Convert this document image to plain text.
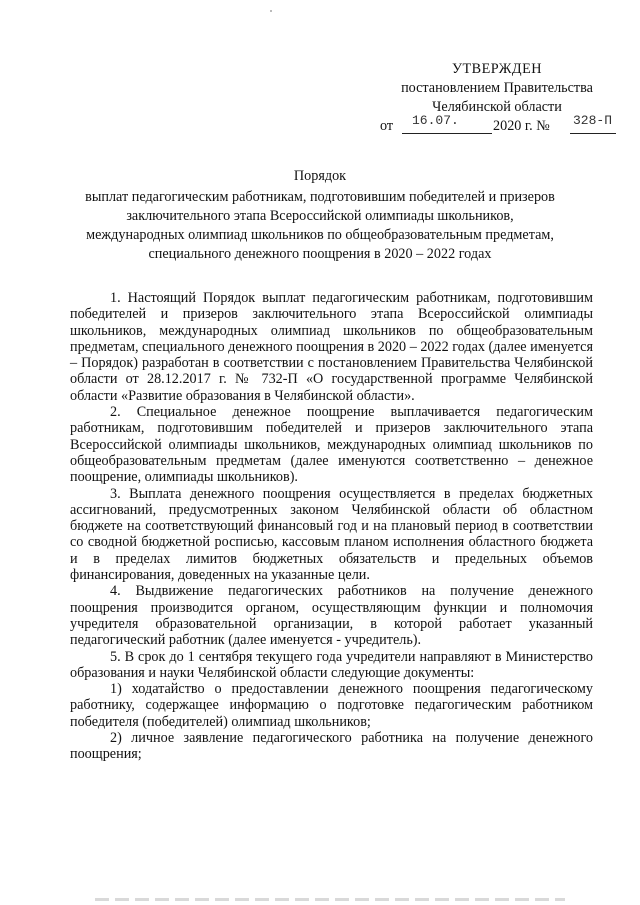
УТВЕРЖДЕН
постановлением Правительства
Челябинской области
от 16.07. 2020 г. № 328-П
Порядок
выплат педагогическим работникам, подготовившим победителей и призеров
заключительного этапа Всероссийской олимпиады школьников,
международных олимпиад школьников по общеобразовательным предметам,
специального денежного поощрения в 2020 – 2022 годах

1. Настоящий Порядок выплат педагогическим работникам, подготовившим победителей и призеров заключительного этапа Всероссийской олимпиады школьников, международных олимпиад школьников по общеобразовательным предметам, специального денежного поощрения в 2020 – 2022 годах (далее именуется – Порядок) разработан в соответствии с постановлением Правительства Челябинской области от 28.12.2017 г. № 732-П «О государственной программе Челябинской области «Развитие образования в Челябинской области».

2. Специальное денежное поощрение выплачивается педагогическим работникам, подготовившим победителей и призеров заключительного этапа Всероссийской олимпиады школьников, международных олимпиад школьников по общеобразовательным предметам (далее именуются соответственно – денежное поощрение, олимпиады школьников).

3. Выплата денежного поощрения осуществляется в пределах бюджетных ассигнований, предусмотренных законом Челябинской области об областном бюджете на соответствующий финансовый год и на плановый период в соответствии со сводной бюджетной росписью, кассовым планом исполнения областного бюджета и в пределах лимитов бюджетных обязательств и предельных объемов финансирования, доведенных на указанные цели.

4. Выдвижение педагогических работников на получение денежного поощрения производится органом, осуществляющим функции и полномочия учредителя образовательной организации, в которой работает указанный педагогический работник (далее именуется - учредитель).

5. В срок до 1 сентября текущего года учредители направляют в Министерство образования и науки Челябинской области следующие документы:

1) ходатайство о предоставлении денежного поощрения педагогическому работнику, содержащее информацию о подготовке педагогическим работником победителя (победителей) олимпиад школьников;

2) личное заявление педагогического работника на получение денежного поощрения;
